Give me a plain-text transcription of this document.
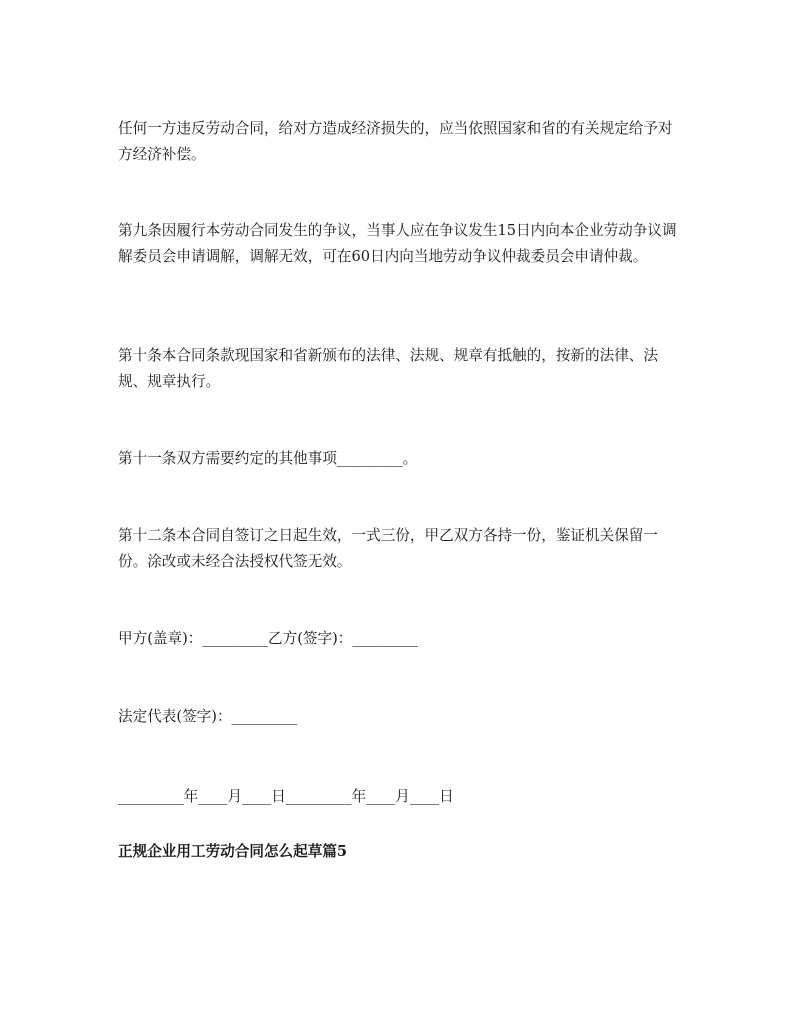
任何一方违反劳动合同，给对方造成经济损失的，应当依照国家和省的有关规定给予对方经济补偿。

第九条因履行本劳动合同发生的争议，当事人应在争议发生15日内向本企业劳动争议调解委员会申请调解，调解无效，可在60日内向当地劳动争议仲裁委员会申请仲裁。

第十条本合同条款现国家和省新颁布的法律、法规、规章有抵触的，按新的法律、法规、规章执行。

第十一条双方需要约定的其他事项_________。

第十二条本合同自签订之日起生效，一式三份，甲乙双方各持一份，鉴证机关保留一份。涂改或未经合法授权代签无效。

甲方(盖章)：_________乙方(签字)：_________

法定代表(签字)：_________

_________年____月____日_________年____月____日

正规企业用工劳动合同怎么起草篇5
